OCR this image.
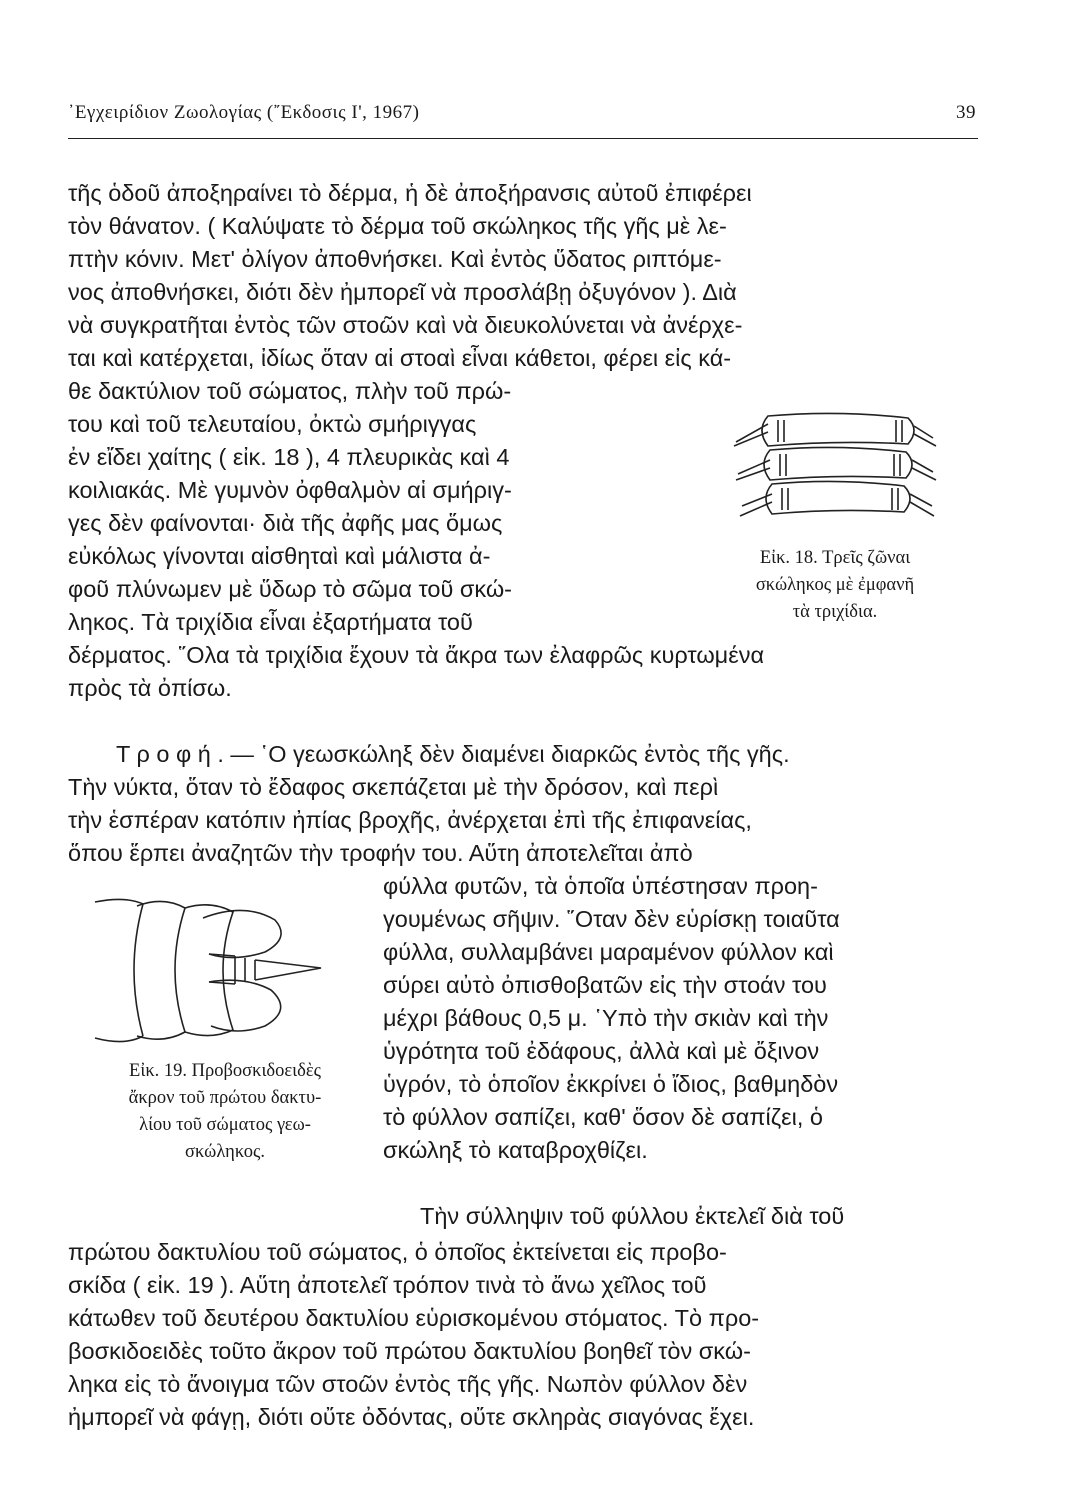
᾿Εγχειρίδιον Ζωολογίας (῎Εκδοσις Ι', 1967)	39
τῆς ὁδοῦ ἀποξηραίνει τὸ δέρμα, ἡ δὲ ἀποξήρανσις αὐτοῦ ἐπιφέρει
τὸν θάνατον. ( Καλύψατε τὸ δέρμα τοῦ σκώληκος τῆς γῆς μὲ λε-
πτὴν κόνιν. Μετ' ὀλίγον ἀποθνήσκει. Καὶ ἐντὸς ὕδατος ριπτόμε-
νος ἀποθνήσκει, διότι δὲν ἠμπορεῖ νὰ προσλάβῃ ὀξυγόνον ). Διὰ
νὰ συγκρατῆται ἐντὸς τῶν στοῶν καὶ νὰ διευκολύνεται νὰ ἀνέρχε-
ται καὶ κατέρχεται, ἰδίως ὅταν αἱ στοαὶ εἶναι κάθετοι, φέρει εἰς κά-
θε δακτύλιον τοῦ σώματος, πλὴν τοῦ πρώ-
του καὶ τοῦ τελευταίου, ὀκτὼ σμήριγγας
ἐν εἴδει χαίτης ( εἰκ. 18 ), 4 πλευρικὰς καὶ 4
κοιλιακάς. Μὲ γυμνὸν ὀφθαλμὸν αἱ σμήριγ-
γες δὲν φαίνονται· διὰ τῆς ἀφῆς μας ὅμως
εὐκόλως γίνονται αἰσθηταὶ καὶ μάλιστα ἀ-
φοῦ πλύνωμεν μὲ ὕδωρ τὸ σῶμα τοῦ σκώ-
ληκος. Τὰ τριχίδια εἶναι ἐξαρτήματα τοῦ
δέρματος. ῞Ολα τὰ τριχίδια ἔχουν τὰ ἄκρα των ἐλαφρῶς κυρτωμένα
πρὸς τὰ ὀπίσω.
Εἰκ. 18. Τρεῖς ζῶναι
σκώληκος μὲ ἐμφανῆ
τὰ τριχίδια.
Τ ρ ο φ ή . — ῾Ο γεωσκώληξ δὲν διαμένει διαρκῶς ἐντὸς τῆς γῆς.
Τὴν νύκτα, ὅταν τὸ ἔδαφος σκεπάζεται μὲ τὴν δρόσον, καὶ περὶ
τὴν ἑσπέραν κατόπιν ἠπίας βροχῆς, ἀνέρχεται ἐπὶ τῆς ἐπιφανείας,
ὅπου ἕρπει ἀναζητῶν τὴν τροφήν του. Αὕτη ἀποτελεῖται ἀπὸ
φύλλα φυτῶν, τὰ ὁποῖα ὑπέστησαν προη-
γουμένως σῆψιν. ῞Οταν δὲν εὑρίσκῃ τοιαῦτα
φύλλα, συλλαμβάνει μαραμένον φύλλον καὶ
σύρει αὐτὸ ὀπισθοβατῶν εἰς τὴν στοάν του
μέχρι βάθους 0,5 μ. ῾Υπὸ τὴν σκιὰν καὶ τὴν
ὑγρότητα τοῦ ἐδάφους, ἀλλὰ καὶ μὲ ὄξινον
ὑγρόν, τὸ ὁποῖον ἐκκρίνει ὁ ἴδιος, βαθμηδὸν
τὸ φύλλον σαπίζει, καθ' ὅσον δὲ σαπίζει, ὁ
σκώληξ τὸ καταβροχθίζει.
Εἰκ. 19. Προβοσκιδοειδὲς
ἄκρον τοῦ πρώτου δακτυ-
λίου τοῦ σώματος γεω-
σκώληκος.
Τὴν σύλληψιν τοῦ φύλλου ἐκτελεῖ διὰ τοῦ
πρώτου δακτυλίου τοῦ σώματος, ὁ ὁποῖος ἐκτείνεται εἰς προβο-
σκίδα ( εἰκ. 19 ). Αὕτη ἀποτελεῖ τρόπον τινὰ τὸ ἄνω χεῖλος τοῦ
κάτωθεν τοῦ δευτέρου δακτυλίου εὑρισκομένου στόματος. Τὸ προ-
βοσκιδοειδὲς τοῦτο ἄκρον τοῦ πρώτου δακτυλίου βοηθεῖ τὸν σκώ-
ληκα εἰς τὸ ἄνοιγμα τῶν στοῶν ἐντὸς τῆς γῆς. Νωπὸν φύλλον δὲν
ἠμπορεῖ νὰ φάγῃ, διότι οὔτε ὀδόντας, οὔτε σκληρὰς σιαγόνας ἔχει.
